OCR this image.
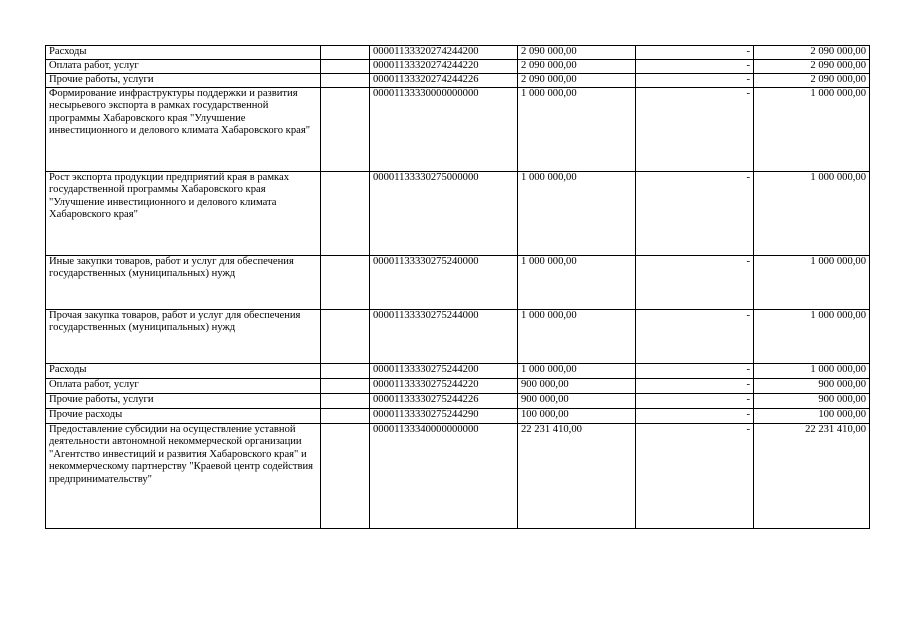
Расходы		00001133320274244200	2 090 000,00	-	2 090 000,00
Оплата работ, услуг		00001133320274244220	2 090 000,00	-	2 090 000,00
Прочие работы, услуги		00001133320274244226	2 090 000,00	-	2 090 000,00
Формирование инфраструктуры поддержки и развития несырьевого экспорта в рамках государственной программы Хабаровского края "Улучшение инвестиционного и делового климата Хабаровского края"		00001133330000000000	1 000 000,00	-	1 000 000,00
Рост экспорта продукции предприятий края в рамках государственной программы Хабаровского края "Улучшение инвестиционного и делового климата Хабаровского края"		00001133330275000000	1 000 000,00	-	1 000 000,00
Иные закупки товаров, работ и услуг для обеспечения государственных (муниципальных) нужд		00001133330275240000	1 000 000,00	-	1 000 000,00
Прочая закупка товаров, работ и услуг для обеспечения государственных (муниципальных) нужд		00001133330275244000	1 000 000,00	-	1 000 000,00
Расходы		00001133330275244200	1 000 000,00	-	1 000 000,00
Оплата работ, услуг		00001133330275244220	900 000,00	-	900 000,00
Прочие работы, услуги		00001133330275244226	900 000,00	-	900 000,00
Прочие расходы		00001133330275244290	100 000,00	-	100 000,00
Предоставление субсидии на осуществление уставной деятельности автономной некоммерческой организации "Агентство инвестиций и развития Хабаровского края" и некоммерческому партнерству "Краевой центр содействия предпринимательству"		00001133340000000000	22 231 410,00	-	22 231 410,00
